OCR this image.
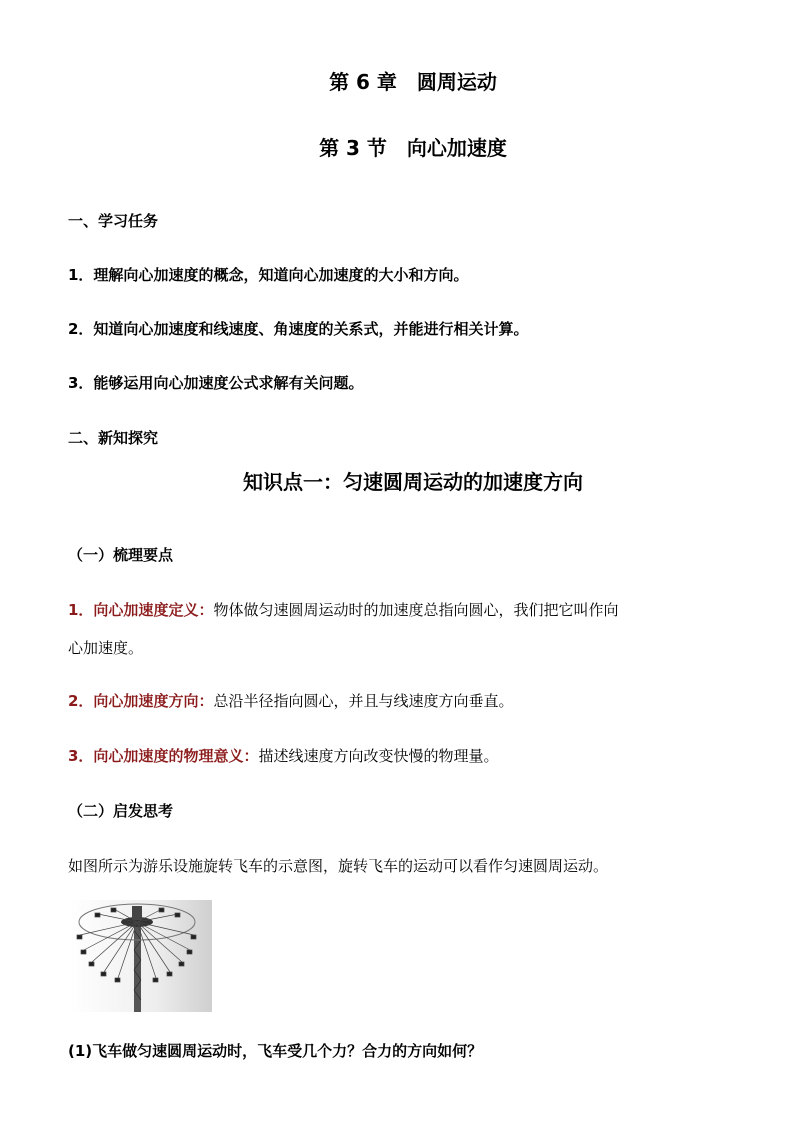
第 6 章　圆周运动
第 3 节　向心加速度
一、学习任务
1．理解向心加速度的概念，知道向心加速度的大小和方向。
2．知道向心加速度和线速度、角速度的关系式，并能进行相关计算。
3．能够运用向心加速度公式求解有关问题。
二、新知探究
知识点一：匀速圆周运动的加速度方向
（一）梳理要点
1．向心加速度定义：物体做匀速圆周运动时的加速度总指向圆心，我们把它叫作向
心加速度。
2．向心加速度方向：总沿半径指向圆心，并且与线速度方向垂直。
3．向心加速度的物理意义：描述线速度方向改变快慢的物理量。
（二）启发思考
如图所示为游乐设施旋转飞车的示意图，旋转飞车的运动可以看作匀速圆周运动。
(1)飞车做匀速圆周运动时，飞车受几个力？合力的方向如何？
